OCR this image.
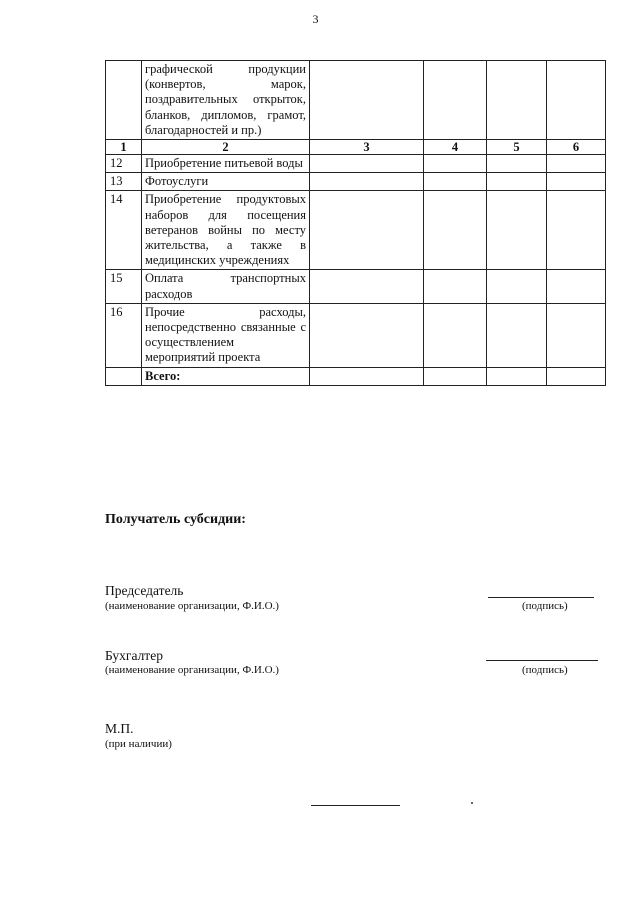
3
	графической продукции (конвертов, марок, поздравительных открыток, бланков, дипломов, грамот, благодарностей и пр.)				
1	2	3	4	5	6
12	Приобретение питьевой воды				
13	Фотоуслуги				
14	Приобретение продуктовых наборов для посещения ветеранов войны по месту жительства, а также в медицинских учреждениях				
15	Оплата транспортных расходов				
16	Прочие расходы, непосредственно связанные с осуществлением мероприятий проекта				
	Всего:				
Получатель субсидии:
Председатель
(наименование организации, Ф.И.О.)	(подпись)
Бухгалтер
(наименование организации, Ф.И.О.)	(подпись)
М.П.
(при наличии)
